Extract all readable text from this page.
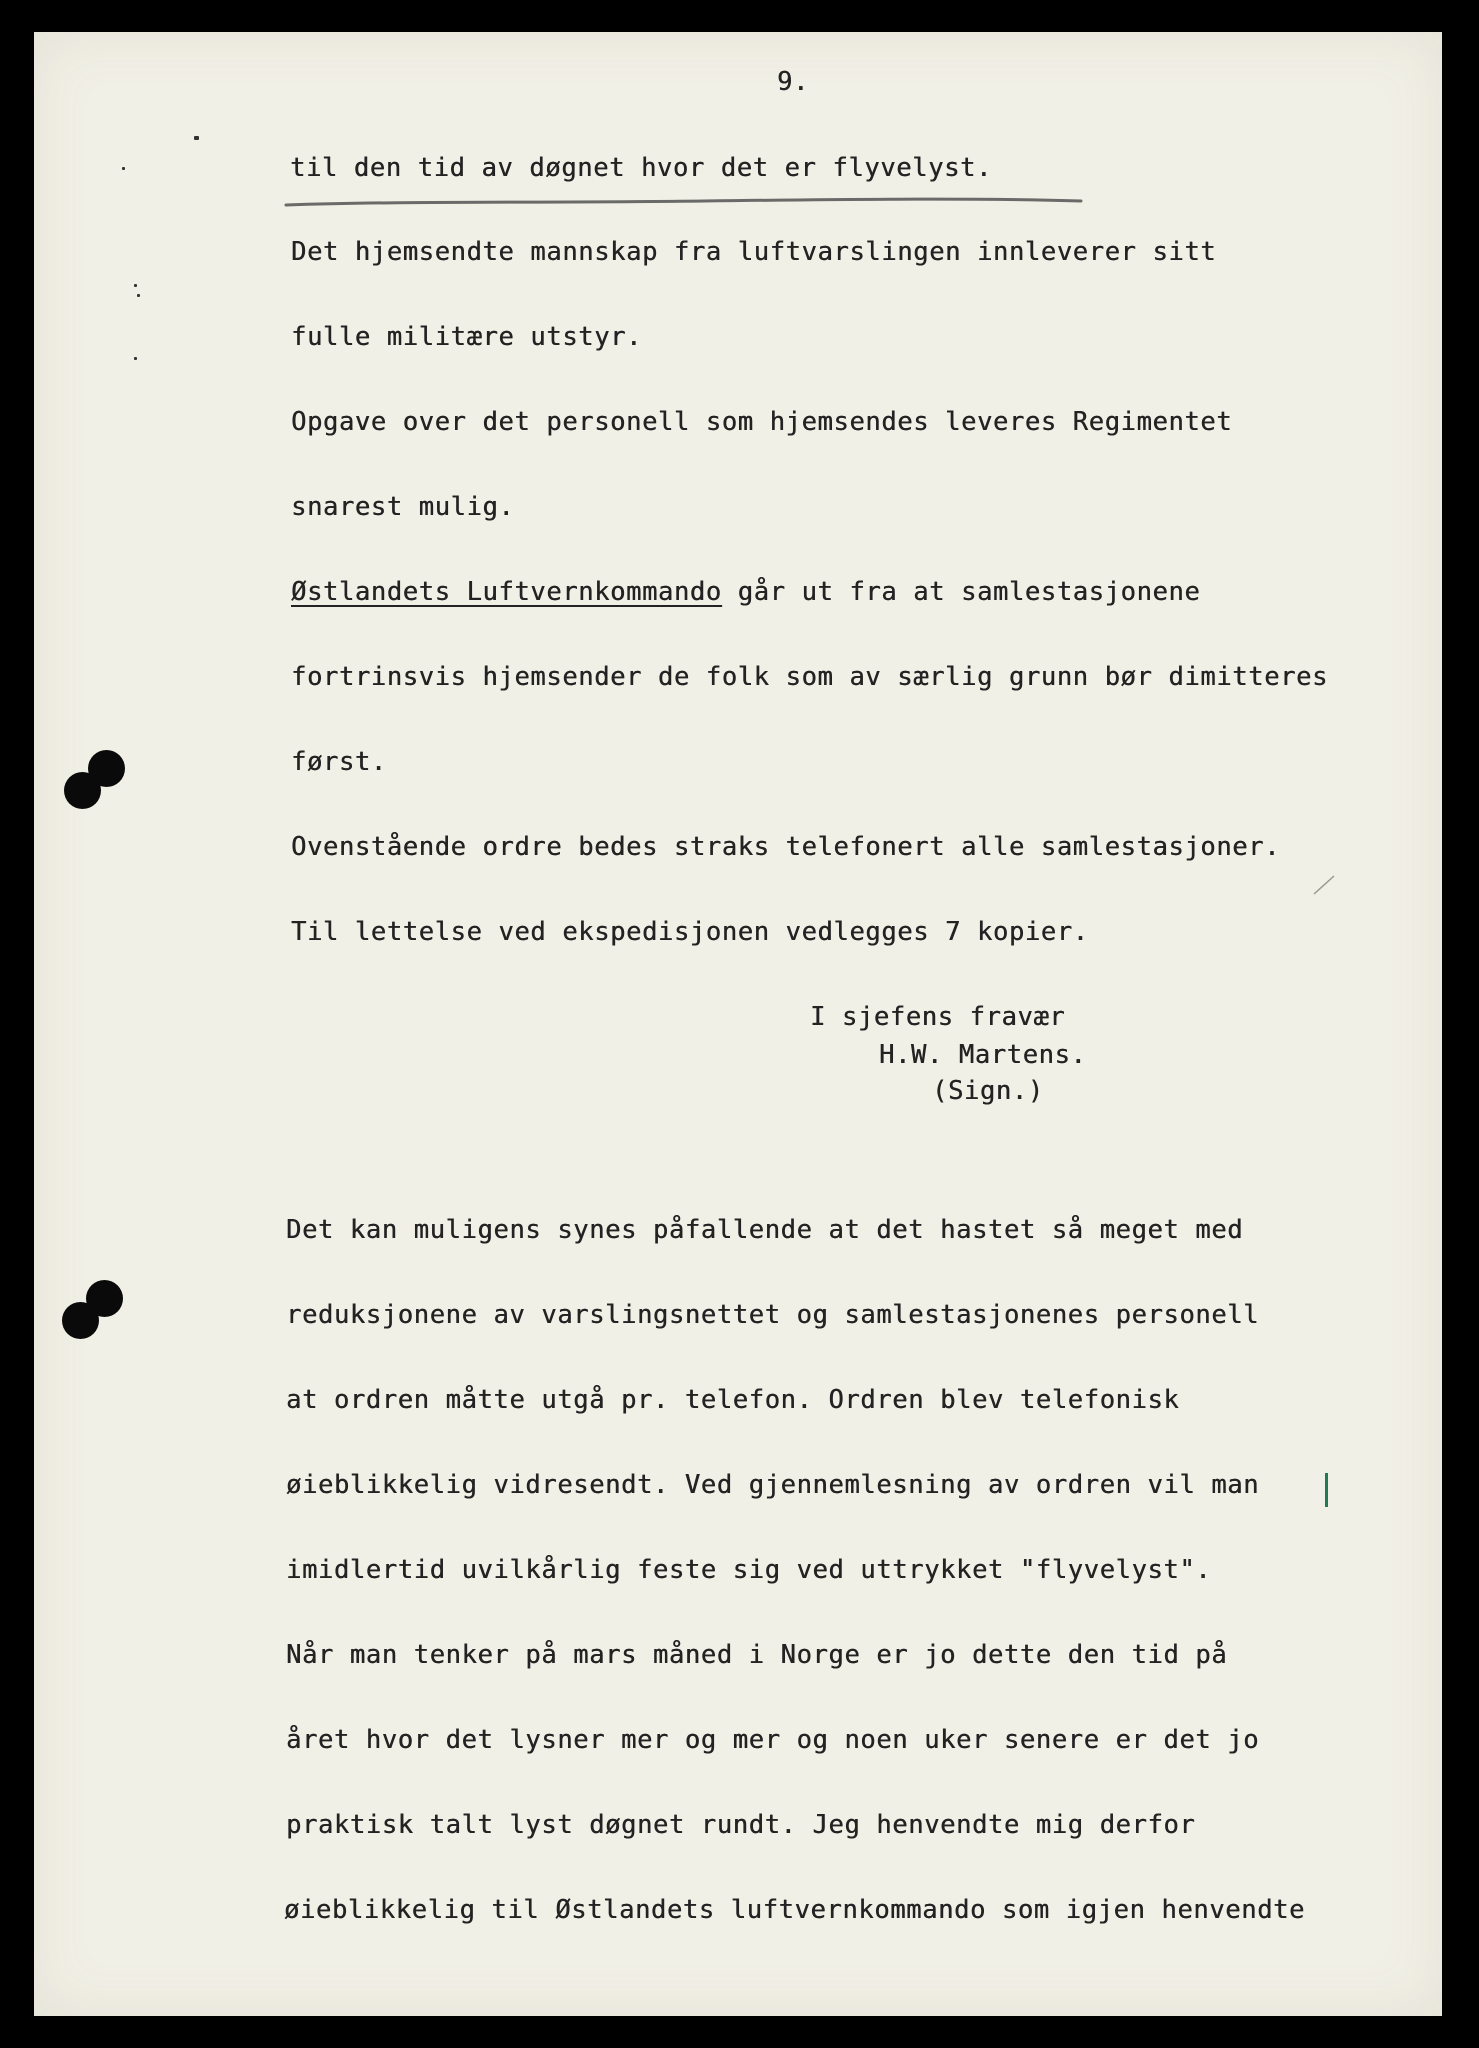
9.
til den tid av døgnet hvor det er flyvelyst.
Det hjemsendte mannskap fra luftvarslingen innleverer sitt
fulle militære utstyr.
Opgave over det personell som hjemsendes leveres Regimentet
snarest mulig.
Østlandets Luftvernkommando går ut fra at samlestasjonene
fortrinsvis hjemsender de folk som av særlig grunn bør dimitteres
først.
Ovenstående ordre bedes straks telefonert alle samlestasjoner.
Til lettelse ved ekspedisjonen vedlegges 7 kopier.
I sjefens fravær
H.W. Martens.
(Sign.)
Det kan muligens synes påfallende at det hastet så meget med
reduksjonene av varslingsnettet og samlestasjonenes personell
at ordren måtte utgå pr. telefon. Ordren blev telefonisk
øieblikkelig vidresendt. Ved gjennemlesning av ordren vil man
imidlertid uvilkårlig feste sig ved uttrykket "flyvelyst".
Når man tenker på mars måned i Norge er jo dette den tid på
året hvor det lysner mer og mer og noen uker senere er det jo
praktisk talt lyst døgnet rundt. Jeg henvendte mig derfor
øieblikkelig til Østlandets luftvernkommando som igjen henvendte
